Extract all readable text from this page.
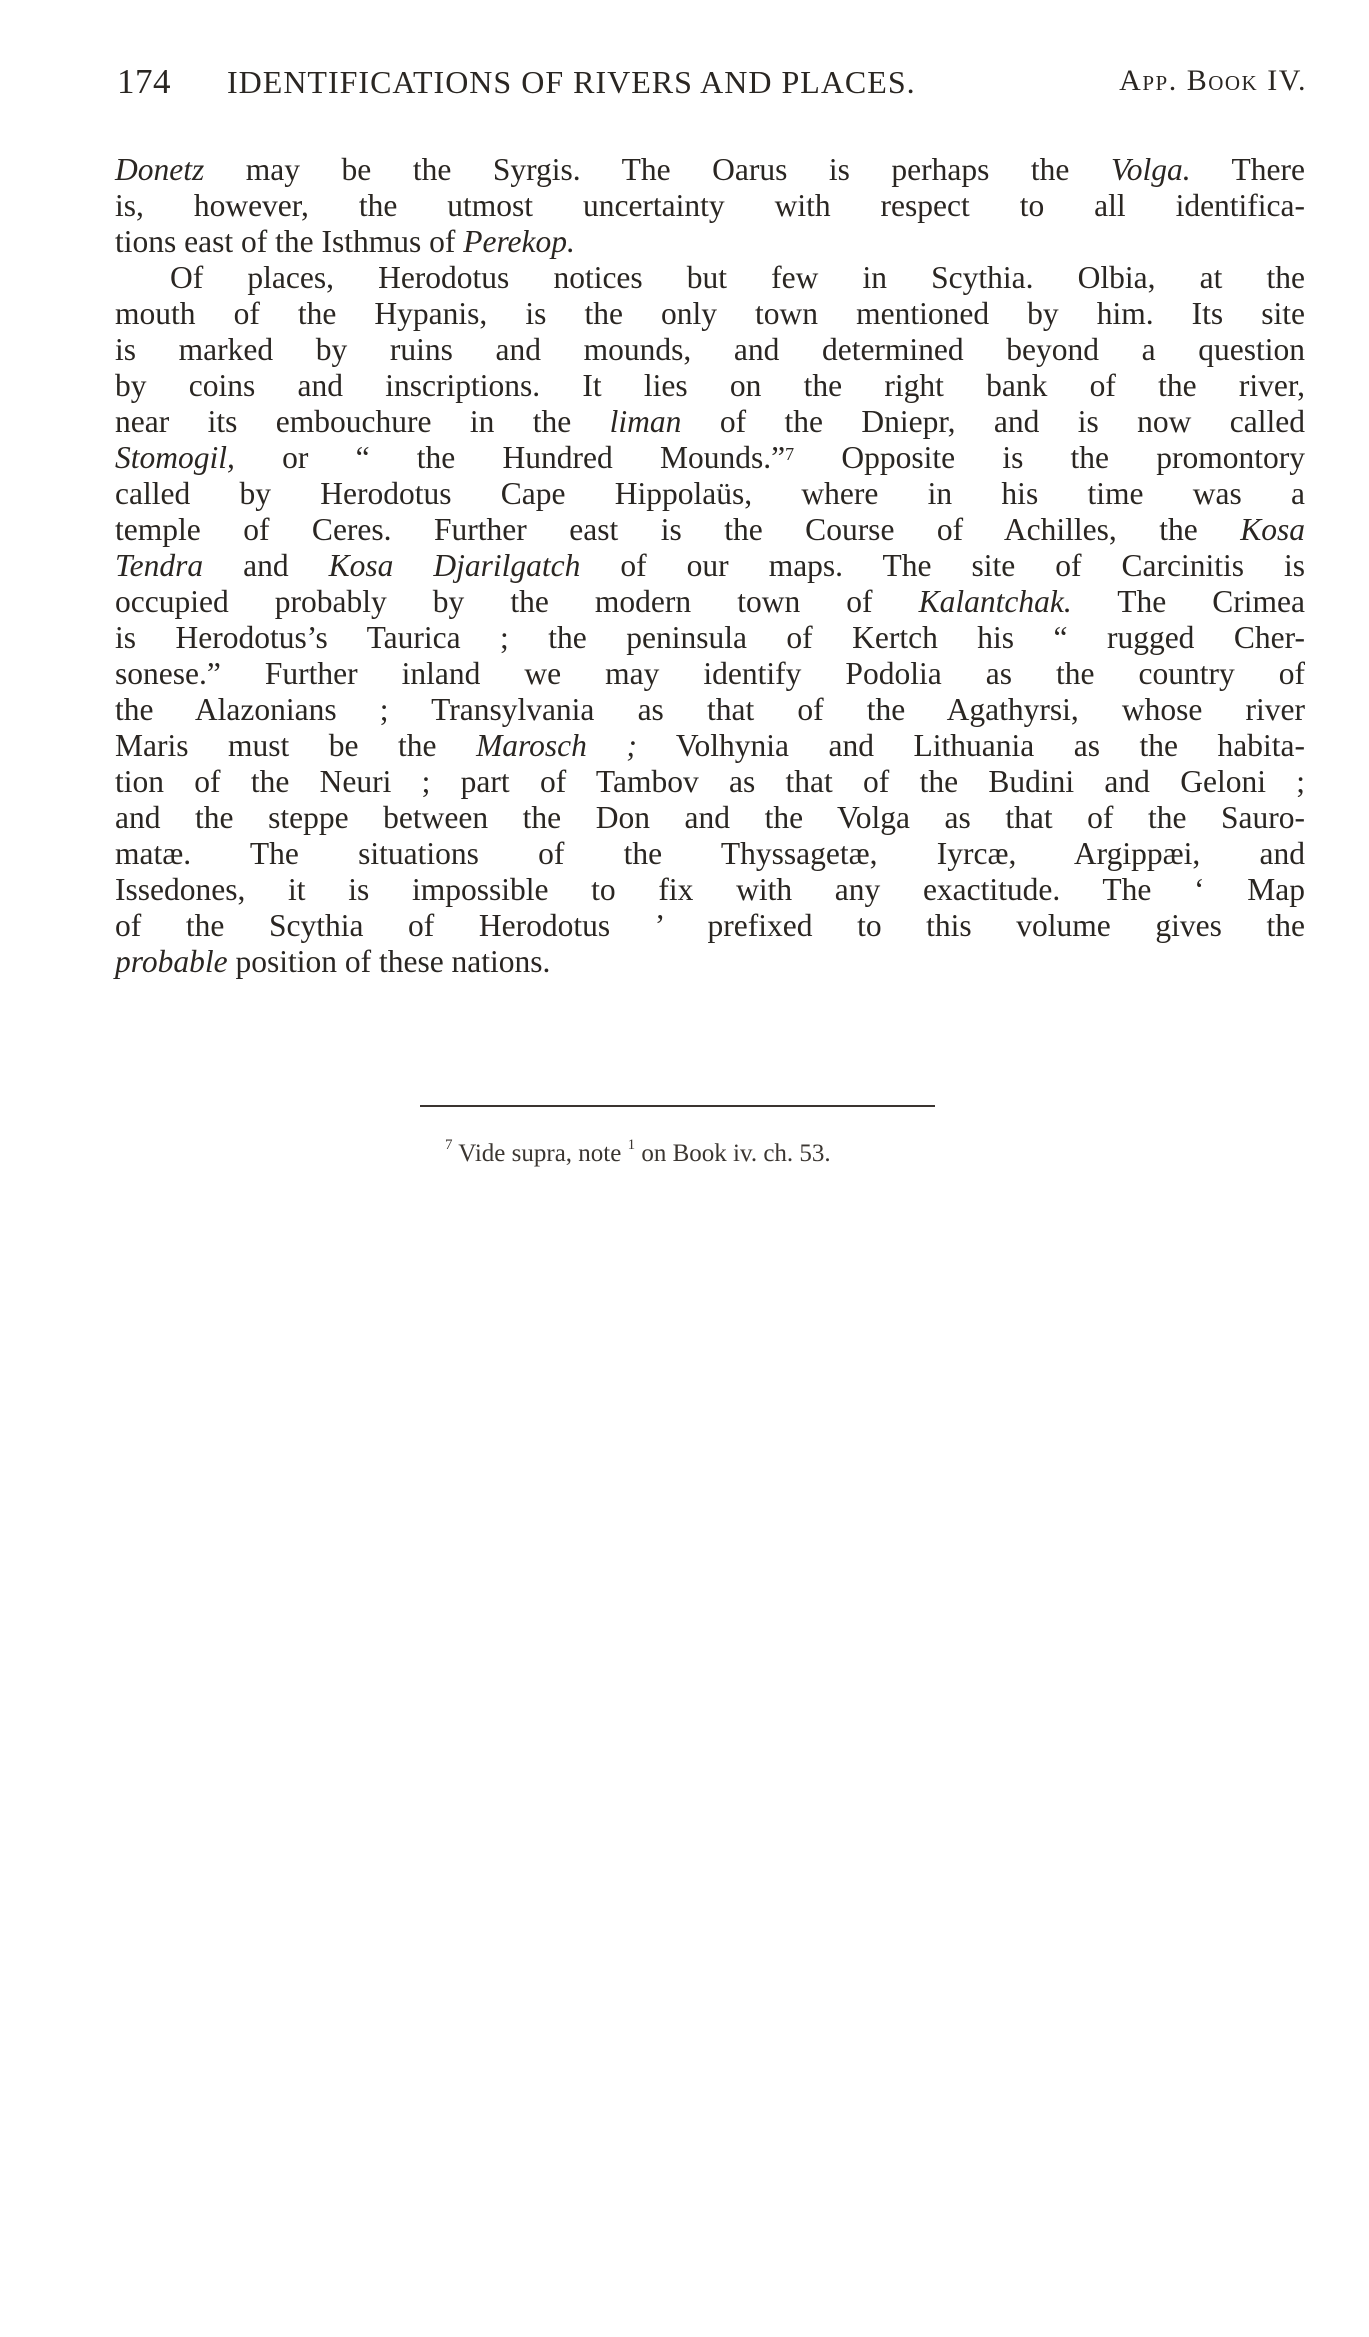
174 IDENTIFICATIONS OF RIVERS AND PLACES.	App. Book IV.
Donetz may be the Syrgis. The Oarus is perhaps the Volga. There
is, however, the utmost uncertainty with respect to all identifica-
tions east of the Isthmus of Perekop.
Of places, Herodotus notices but few in Scythia. Olbia, at the
mouth of the Hypanis, is the only town mentioned by him. Its site
is marked by ruins and mounds, and determined beyond a question
by coins and inscriptions. It lies on the right bank of the river,
near its embouchure in the liman of the Dniepr, and is now called
Stomogil, or “ the Hundred Mounds.”$^7$ Opposite is the promontory
called by Herodotus Cape Hippolaüs, where in his time was a
temple of Ceres. Further east is the Course of Achilles, the Kosa
Tendra and Kosa Djarilgatch of our maps. The site of Carcinitis is
occupied probably by the modern town of Kalantchak. The Crimea
is Herodotus’s Taurica ; the peninsula of Kertch his “ rugged Cher-
sonese.” Further inland we may identify Podolia as the country of
the Alazonians ; Transylvania as that of the Agathyrsi, whose river
Maris must be the Marosch ; Volhynia and Lithuania as the habita-
tion of the Neuri ; part of Tambov as that of the Budini and Geloni ;
and the steppe between the Don and the Volga as that of the Sauro-
matæ. The situations of the Thyssagetæ, Iyrcæ, Argippæi, and
Issedones, it is impossible to fix with any exactitude. The ‘ Map
of the Scythia of Herodotus ’ prefixed to this volume gives the
probable position of these nations.
$^7$ Vide supra, note $^1$ on Book iv. ch. 53.
